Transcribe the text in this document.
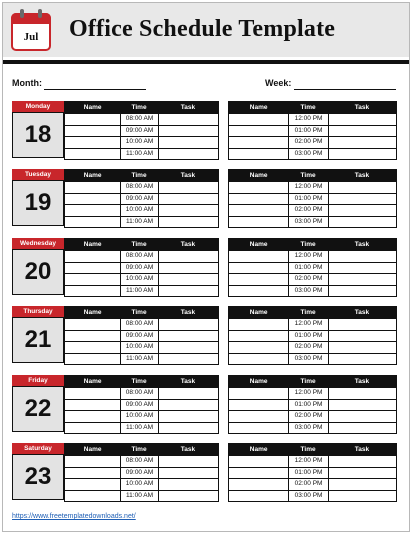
Jul	Office Schedule Template
Month:	Week:
Monday
18
Name	Time	Task
08:00 AM
09:00 AM
10:00 AM
11:00 AM
Name	Time	Task
12:00 PM
01:00 PM
02:00 PM
03:00 PM
Tuesday
19
Name	Time	Task
08:00 AM
09:00 AM
10:00 AM
11:00 AM
Name	Time	Task
12:00 PM
01:00 PM
02:00 PM
03:00 PM
Wednesday
20
Name	Time	Task
08:00 AM
09:00 AM
10:00 AM
11:00 AM
Name	Time	Task
12:00 PM
01:00 PM
02:00 PM
03:00 PM
Thursday
21
Name	Time	Task
08:00 AM
09:00 AM
10:00 AM
11:00 AM
Name	Time	Task
12:00 PM
01:00 PM
02:00 PM
03:00 PM
Friday
22
Name	Time	Task
08:00 AM
09:00 AM
10:00 AM
11:00 AM
Name	Time	Task
12:00 PM
01:00 PM
02:00 PM
03:00 PM
Saturday
23
Name	Time	Task
08:00 AM
09:00 AM
10:00 AM
11:00 AM
Name	Time	Task
12:00 PM
01:00 PM
02:00 PM
03:00 PM
https://www.freetemplatedownloads.net/
